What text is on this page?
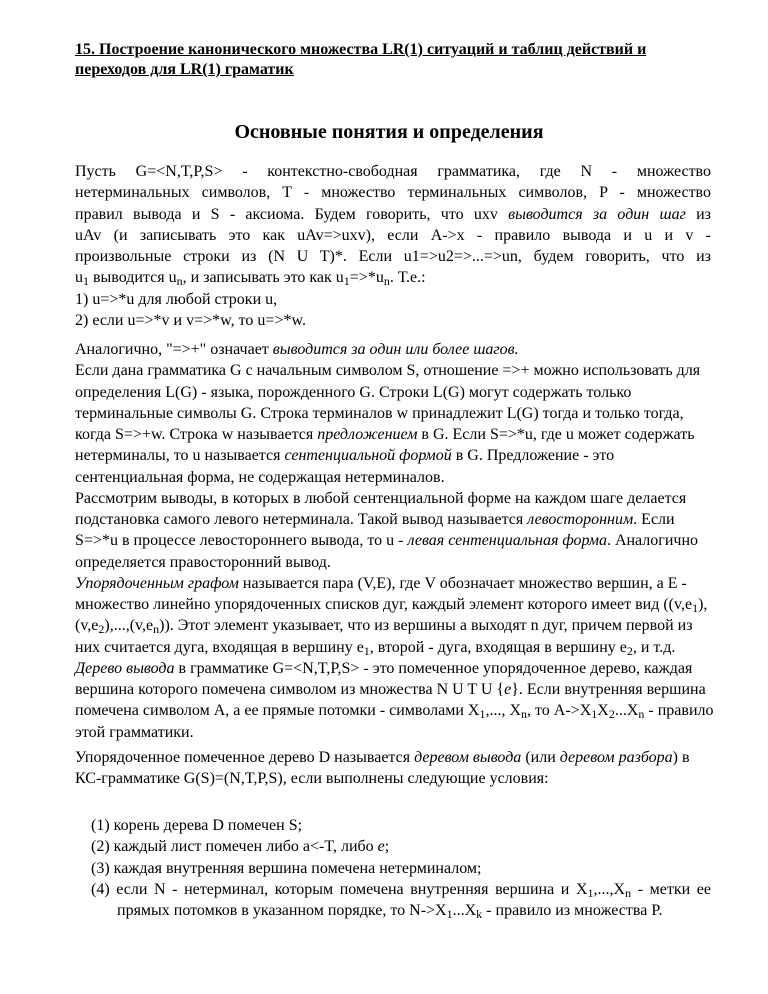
15. Построение канонического множества LR(1) ситуаций и таблиц действий и переходов для LR(1) граматик
Основные понятия и определения
Пусть G=<N,T,P,S> - контекстно-свободная грамматика, где N - множество
нетерминальных символов, T - множество терминальных символов, P - множество
правил вывода и S - аксиома. Будем говорить, что uxv выводится за один шаг из
uAv (и записывать это как uAv=>uxv), если A->x - правило вывода и u и v -
произвольные строки из (N U T)*. Если u1=>u2=>...=>un, будем говорить, что из
$u_1$ выводится $u_n$, и записывать это как $u_1=>*u_n$. Т.е.:
1) u=>*u для любой строки u,
2) если u=>*v и v=>*w, то u=>*w.

Аналогично, "=>+" означает выводится за один или более шагов.

Если дана грамматика G с начальным символом S, отношение =>+ можно использовать для определения L(G) - языка, порожденного G. Строки L(G) могут содержать только терминальные символы G. Строка терминалов w принадлежит L(G) тогда и только тогда, когда S=>+w. Строка w называется предложением в G. Если S=>*u, где u может содержать нетерминалы, то u называется сентенциальной формой в G. Предложение - это сентенциальная форма, не содержащая нетерминалов.

Рассмотрим выводы, в которых в любой сентенциальной форме на каждом шаге делается подстановка самого левого нетерминала. Такой вывод называется левосторонним. Если S=>*u в процессе левостороннего вывода, то u - левая сентенциальная форма. Аналогично определяется правосторонний вывод.

Упорядоченным графом называется пара (V,E), где V обозначает множество вершин, а E - множество линейно упорядоченных списков дуг, каждый элемент которого имеет вид $((v,e_1),(v,e_2),...,(v,e_n))$. Этот элемент указывает, что из вершины a выходят n дуг, причем первой из них считается дуга, входящая в вершину $e_1$, второй - дуга, входящая в вершину $e_2$, и т.д.

Дерево вывода в грамматике G=<N,T,P,S> - это помеченное упорядоченное дерево, каждая вершина которого помечена символом из множества N U T U {e}. Если внутренняя вершина помечена символом A, а ее прямые потомки - символами $X_1$,..., $X_n$, то $A->X_1X_2...X_n$ - правило этой грамматики.

Упорядоченное помеченное дерево D называется деревом вывода (или деревом разбора) в КС-грамматике G(S)=(N,T,P,S), если выполнены следующие условия:

(1) корень дерева D помечен S;
(2) каждый лист помечен либо a<-T, либо e;
(3) каждая внутренняя вершина помечена нетерминалом;
(4) если N - нетерминал, которым помечена внутренняя вершина и $X_1,...,X_n$ - метки ее прямых потомков в указанном порядке, то $N->X_1...X_k$ - правило из множества P.
